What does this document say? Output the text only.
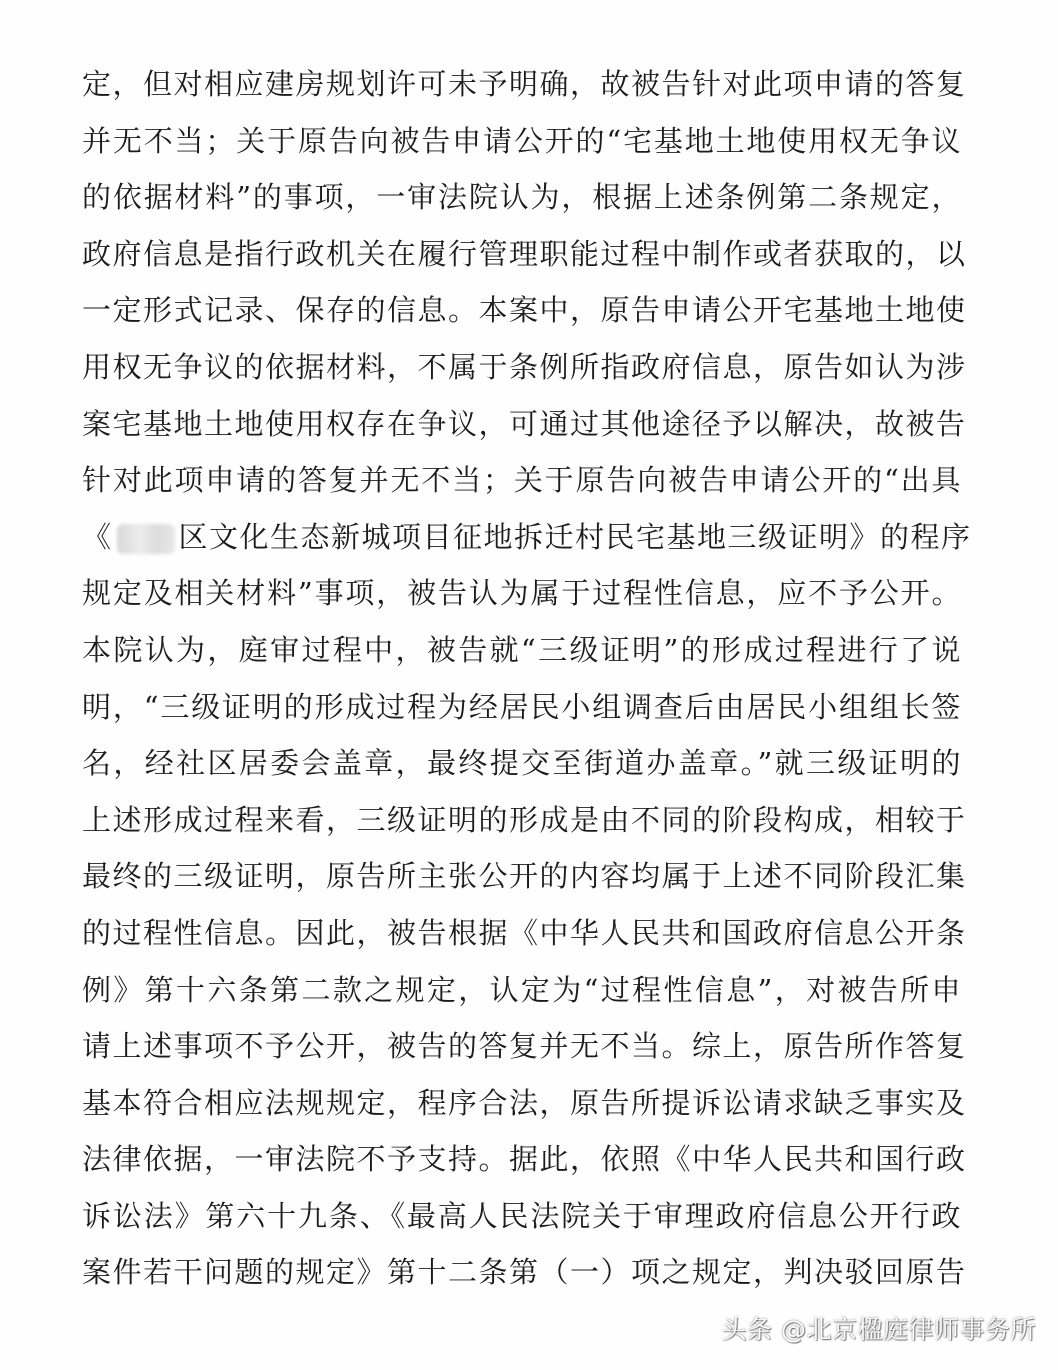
定，但对相应建房规划许可未予明确，故被告针对此项申请的答复
并无不当；关于原告向被告申请公开的“宅基地土地使用权无争议
的依据材料”的事项，一审法院认为，根据上述条例第二条规定，
政府信息是指行政机关在履行管理职能过程中制作或者获取的，以
一定形式记录、保存的信息。本案中，原告申请公开宅基地土地使
用权无争议的依据材料，不属于条例所指政府信息，原告如认为涉
案宅基地土地使用权存在争议，可通过其他途径予以解决，故被告
针对此项申请的答复并无不当；关于原告向被告申请公开的“出具
《 区文化生态新城项目征地拆迁村民宅基地三级证明》的程序
规定及相关材料”事项，被告认为属于过程性信息，应不予公开。
本院认为，庭审过程中，被告就“三级证明”的形成过程进行了说
明，“三级证明的形成过程为经居民小组调查后由居民小组组长签
名，经社区居委会盖章，最终提交至街道办盖章。”就三级证明的
上述形成过程来看，三级证明的形成是由不同的阶段构成，相较于
最终的三级证明，原告所主张公开的内容均属于上述不同阶段汇集
的过程性信息。因此，被告根据《中华人民共和国政府信息公开条
例》第十六条第二款之规定，认定为“过程性信息”，对被告所申
请上述事项不予公开，被告的答复并无不当。综上，原告所作答复
基本符合相应法规规定，程序合法，原告所提诉讼请求缺乏事实及
法律依据，一审法院不予支持。据此，依照《中华人民共和国行政
诉讼法》第六十九条、《最高人民法院关于审理政府信息公开行政
案件若干问题的规定》第十二条第（一）项之规定，判决驳回原告
头条 @北京楹庭律师事务所
